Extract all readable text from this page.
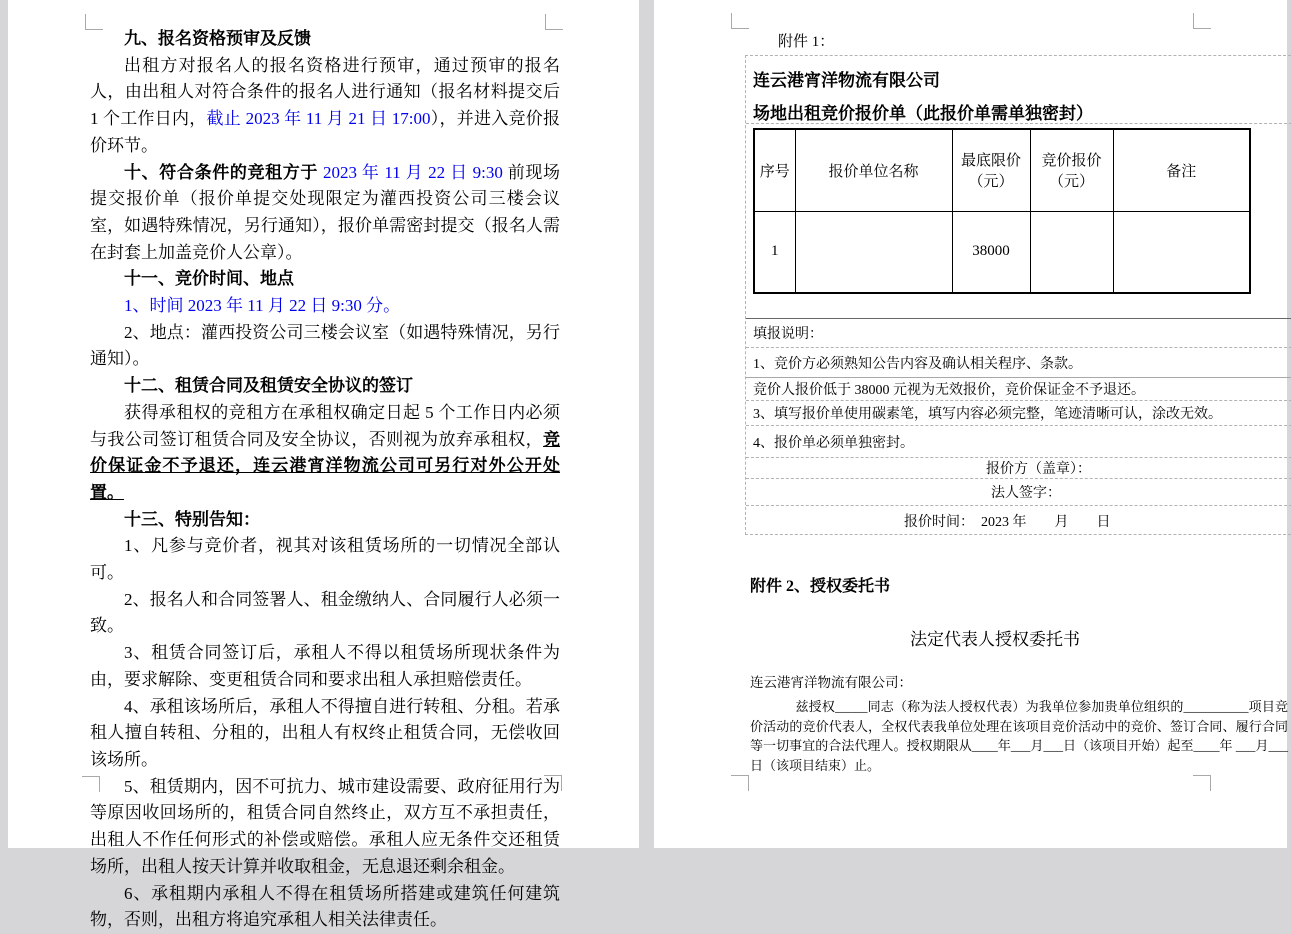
九、报名资格预审及反馈

出租方对报名人的报名资格进行预审，通过预审的报名人，由出租人对符合条件的报名人进行通知（报名材料提交后 1 个工作日内，截止 2023 年 11 月 21 日 17:00），并进入竞价报价环节。

十、符合条件的竞租方于 2023 年 11 月 22 日 9:30 前现场提交报价单（报价单提交处现限定为灌西投资公司三楼会议室，如遇特殊情况，另行通知），报价单需密封提交（报名人需在封套上加盖竞价人公章）。

十一、竞价时间、地点

1、时间 2023 年 11 月 22 日 9:30 分。

2、地点：灌西投资公司三楼会议室（如遇特殊情况，另行通知）。

十二、租赁合同及租赁安全协议的签订

获得承租权的竞租方在承租权确定日起 5 个工作日内必须与我公司签订租赁合同及安全协议，否则视为放弃承租权，竞价保证金不予退还，连云港宵洋物流公司可另行对外公开处置。

十三、特别告知：

1、凡参与竞价者，视其对该租赁场所的一切情况全部认可。

2、报名人和合同签署人、租金缴纳人、合同履行人必须一致。

3、租赁合同签订后，承租人不得以租赁场所现状条件为由，要求解除、变更租赁合同和要求出租人承担赔偿责任。

4、承租该场所后，承租人不得擅自进行转租、分租。若承租人擅自转租、分租的，出租人有权终止租赁合同，无偿收回该场所。

5、租赁期内，因不可抗力、城市建设需要、政府征用行为等原因收回场所的，租赁合同自然终止，双方互不承担责任，出租人不作任何形式的补偿或赔偿。承租人应无条件交还租赁场所，出租人按天计算并收取租金，无息退还剩余租金。

6、承租期内承租人不得在租赁场所搭建或建筑任何建筑物，否则，出租方将追究承租人相关法律责任。

附件 1：
连云港宵洋物流有限公司
场地出租竞价报价单（此报价单需单独密封）
序号	报价单位名称	最底限价（元）	竞价报价（元）	备注
1		38000		
填报说明：
1、竞价方必须熟知公告内容及确认相关程序、条款。
竞价人报价低于 38000 元视为无效报价，竞价保证金不予退还。
3、填写报价单使用碳素笔，填写内容必须完整，笔迹清晰可认，涂改无效。
4、报价单必须单独密封。
报价方（盖章）：
法人签字：
报价时间：  2023 年        月        日
附件 2、授权委托书
法定代表人授权委托书
连云港宵洋物流有限公司：
兹授权_____同志（称为法人授权代表）为我单位参加贵单位组织的__________项目竞价活动的竞价代表人，全权代表我单位处理在该项目竞价活动中的竞价、签订合同、履行合同等一切事宜的合法代理人。授权期限从____年___月___日（该项目开始）起至____年 ___月___日（该项目结束）止。
